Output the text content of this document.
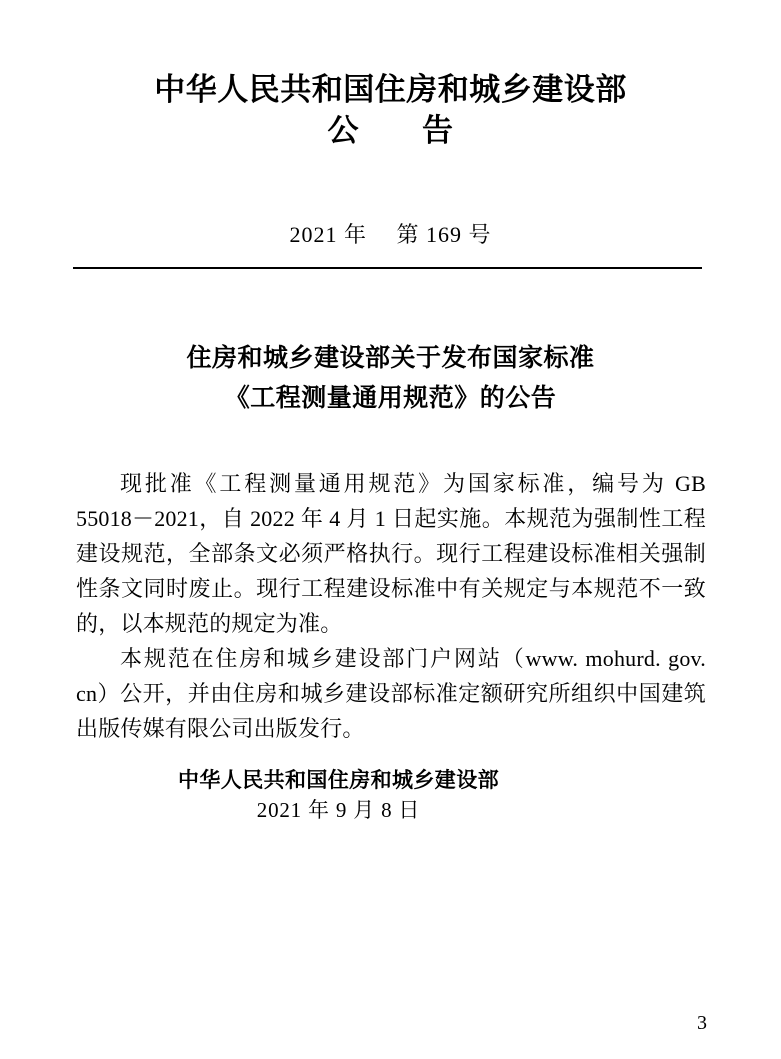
中华人民共和国住房和城乡建设部
公　　告
2021 年　 第 169 号
住房和城乡建设部关于发布国家标准
《工程测量通用规范》的公告

现批准《工程测量通用规范》为国家标准，编号为 GB 55018－2021，自 2022 年 4 月 1 日起实施。本规范为强制性工程建设规范，全部条文必须严格执行。现行工程建设标准相关强制性条文同时废止。现行工程建设标准中有关规定与本规范不一致的，以本规范的规定为准。

本规范在住房和城乡建设部门户网站（www. mohurd. gov. cn）公开，并由住房和城乡建设部标准定额研究所组织中国建筑出版传媒有限公司出版发行。

中华人民共和国住房和城乡建设部
2021 年 9 月 8 日
3
